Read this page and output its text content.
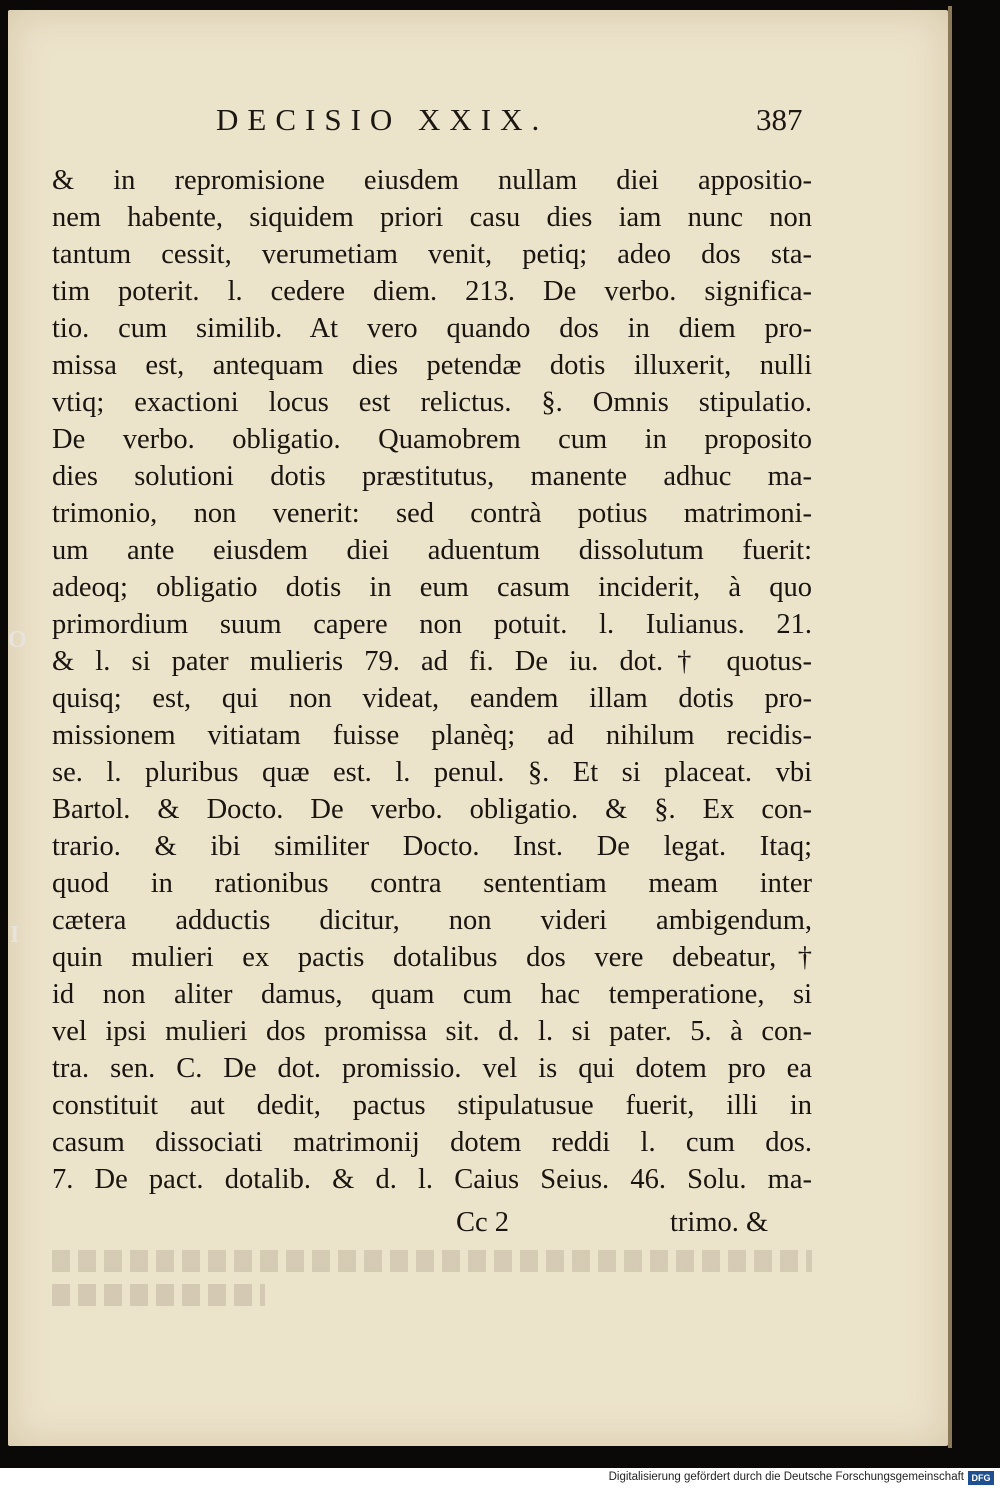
DECISIO XXIX.	387
& in repromisione eiusdem nullam diei appositio-
nem habente, siquidem priori casu dies iam nunc non
tantum cessit, verumetiam venit, petiq; adeo dos sta-
tim poterit. l. cedere diem. 213. De verbo. significa-
tio. cum similib. At vero quando dos in diem pro-
missa est, antequam dies petendæ dotis illuxerit, nulli
vtiq; exactioni locus est relictus. §. Omnis stipulatio.
De verbo. obligatio. Quamobrem cum in proposito
dies solutioni dotis præstitutus, manente adhuc ma-
trimonio, non venerit: sed contrà potius matrimoni-
um ante eiusdem diei aduentum dissolutum fuerit:
adeoq; obligatio dotis in eum casum inciderit, à quo
primordium suum capere non potuit. l. Iulianus. 21.
& l. si pater mulieris 79. ad fi. De iu. dot.† quotus-
quisq; est, qui non videat, eandem illam dotis pro-
missionem vitiatam fuisse planèq; ad nihilum recidis-
se. l. pluribus quæ est. l. penul. §. Et si placeat. vbi
Bartol. & Docto. De verbo. obligatio. & §. Ex con-
trario. & ibi similiter Docto. Inst. De legat. Itaq;
quod in rationibus contra sententiam meam inter
cætera adductis dicitur, non videri ambigendum,
quin mulieri ex pactis dotalibus dos vere debeatur,†
id non aliter damus, quam cum hac temperatione, si
vel ipsi mulieri dos promissa sit. d. l. si pater. 5. à con-
tra. sen. C. De dot. promissio. vel is qui dotem pro ea
constituit aut dedit, pactus stipulatusue fuerit, illi in
casum dissociati matrimonij dotem reddi l. cum dos.
7. De pact. dotalib. & d. l. Caius Seius. 46. Solu. ma-
Cc 2	trimo. &
O
I
Digitalisierung gefördert durch die Deutsche Forschungsgemeinschaft DFG
